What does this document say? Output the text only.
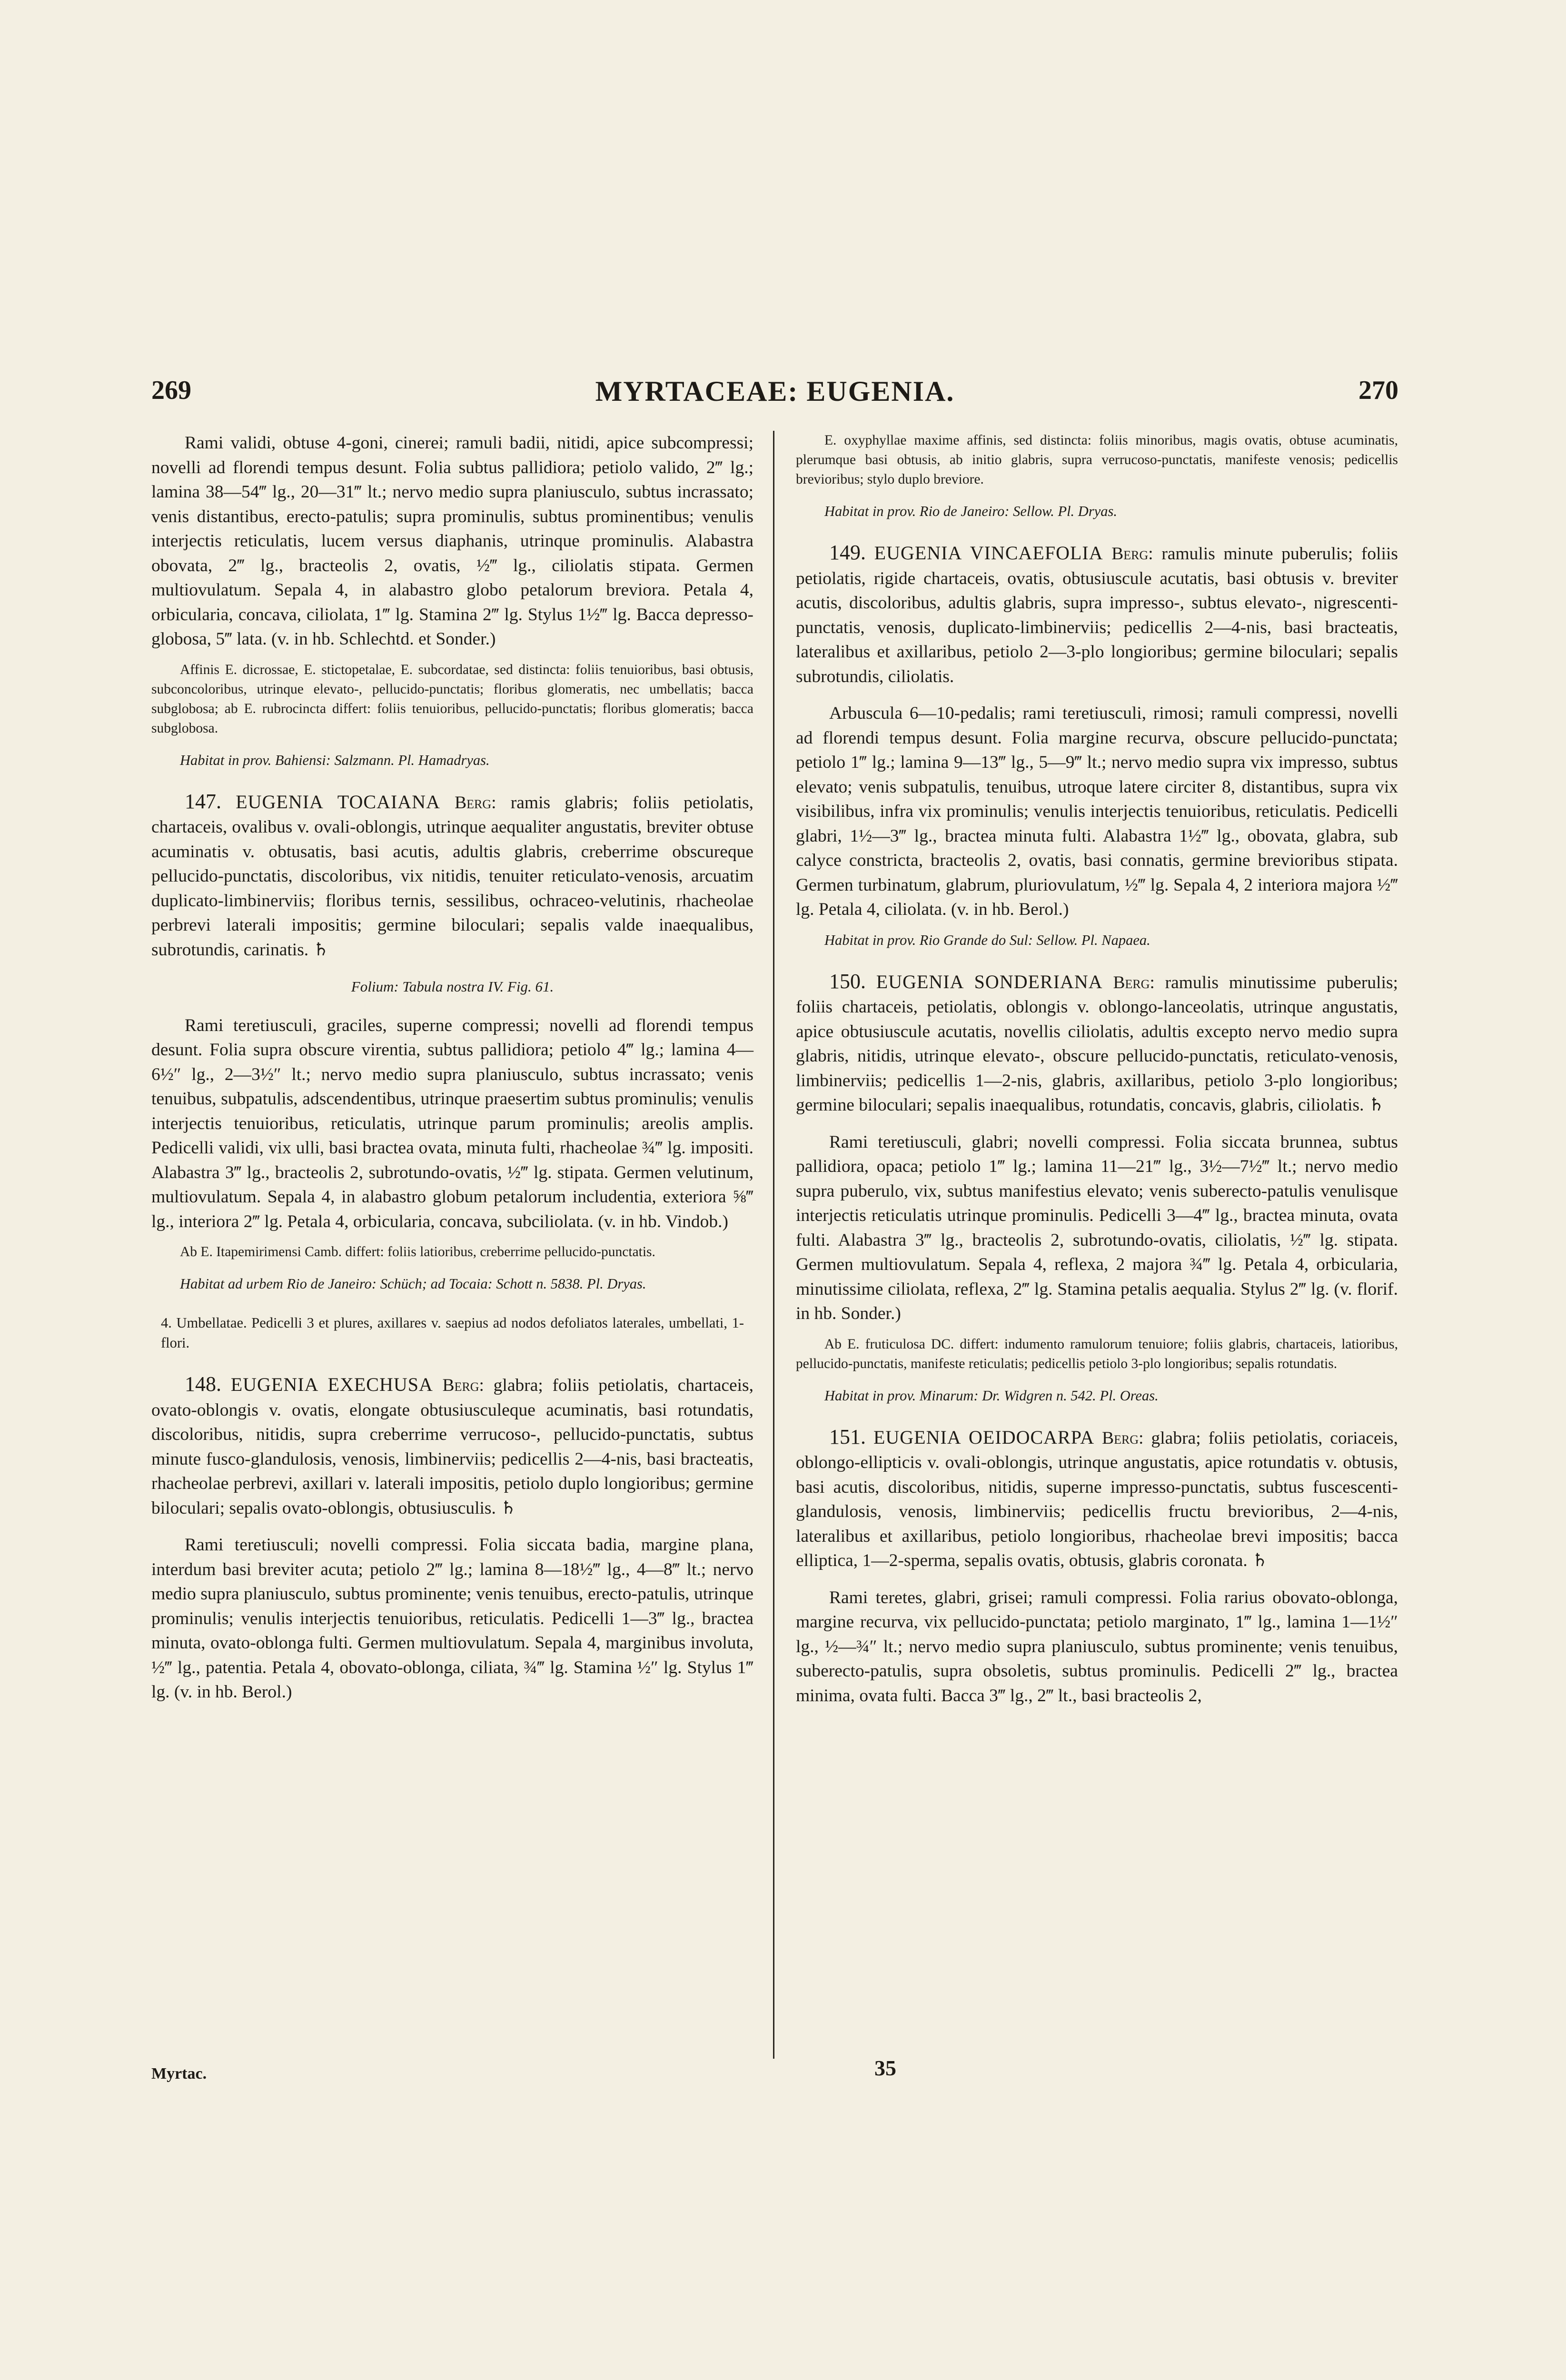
269	MYRTACEAE: EUGENIA.	270

Rami validi, obtuse 4-goni, cinerei; ramuli badii, nitidi, apice subcompressi; novelli ad florendi tempus desunt. Folia subtus pallidiora; petiolo valido, 2‴ lg.; lamina 38—54‴ lg., 20—31‴ lt.; nervo medio supra planiusculo, subtus incrassato; venis distantibus, erecto-patulis; supra prominulis, subtus prominentibus; venulis interjectis reticulatis, lucem versus diaphanis, utrinque prominulis. Alabastra obovata, 2‴ lg., bracteolis 2, ovatis, ½‴ lg., ciliolatis stipata. Germen multiovulatum. Sepala 4, in alabastro globo petalorum breviora. Petala 4, orbicularia, concava, ciliolata, 1‴ lg. Stamina 2‴ lg. Stylus 1½‴ lg. Bacca depresso-globosa, 5‴ lata. (v. in hb. Schlechtd. et Sonder.)

Affinis E. dicrossae, E. stictopetalae, E. subcordatae, sed distincta: foliis tenuioribus, basi obtusis, subconcoloribus, utrinque elevato-, pellucido-punctatis; floribus glomeratis, nec umbellatis; bacca subglobosa; ab E. rubrocincta differt: foliis tenuioribus, pellucido-punctatis; floribus glomeratis; bacca subglobosa.

Habitat in prov. Bahiensi: Salzmann. Pl. Hamadryas.

147. EUGENIA TOCAIANA Berg: ramis glabris; foliis petiolatis, chartaceis, ovalibus v. ovali-oblongis, utrinque aequaliter angustatis, breviter obtuse acuminatis v. obtusatis, basi acutis, adultis glabris, creberrime obscureque pellucido-punctatis, discoloribus, vix nitidis, tenuiter reticulato-venosis, arcuatim duplicato-limbinerviis; floribus ternis, sessilibus, ochraceo-velutinis, rhacheolae perbrevi laterali impositis; germine biloculari; sepalis valde inaequalibus, subrotundis, carinatis. ♄

Folium: Tabula nostra IV. Fig. 61.

Rami teretiusculi, graciles, superne compressi; novelli ad florendi tempus desunt. Folia supra obscure virentia, subtus pallidiora; petiolo 4‴ lg.; lamina 4—6½″ lg., 2—3½″ lt.; nervo medio supra planiusculo, subtus incrassato; venis tenuibus, subpatulis, adscendentibus, utrinque praesertim subtus prominulis; venulis interjectis tenuioribus, reticulatis, utrinque parum prominulis; areolis amplis. Pedicelli validi, vix ulli, basi bractea ovata, minuta fulti, rhacheolae ¾‴ lg. impositi. Alabastra 3‴ lg., bracteolis 2, subrotundo-ovatis, ½‴ lg. stipata. Germen velutinum, multiovulatum. Sepala 4, in alabastro globum petalorum includentia, exteriora ⅝‴ lg., interiora 2‴ lg. Petala 4, orbicularia, concava, subciliolata. (v. in hb. Vindob.)

Ab E. Itapemirimensi Camb. differt: foliis latioribus, creberrime pellucido-punctatis.

Habitat ad urbem Rio de Janeiro: Schüch; ad Tocaia: Schott n. 5838. Pl. Dryas.

4. Umbellatae. Pedicelli 3 et plures, axillares v. saepius ad nodos defoliatos laterales, umbellati, 1-flori.

148. EUGENIA EXECHUSA Berg: glabra; foliis petiolatis, chartaceis, ovato-oblongis v. ovatis, elongate obtusiusculeque acuminatis, basi rotundatis, discoloribus, nitidis, supra creberrime verrucoso-, pellucido-punctatis, subtus minute fusco-glandulosis, venosis, limbinerviis; pedicellis 2—4-nis, basi bracteatis, rhacheolae perbrevi, axillari v. laterali impositis, petiolo duplo longioribus; germine biloculari; sepalis ovato-oblongis, obtusiusculis. ♄

Rami teretiusculi; novelli compressi. Folia siccata badia, margine plana, interdum basi breviter acuta; petiolo 2‴ lg.; lamina 8—18½‴ lg., 4—8‴ lt.; nervo medio supra planiusculo, subtus prominente; venis tenuibus, erecto-patulis, utrinque prominulis; venulis interjectis tenuioribus, reticulatis. Pedicelli 1—3‴ lg., bractea minuta, ovato-oblonga fulti. Germen multiovulatum. Sepala 4, marginibus involuta, ½‴ lg., patentia. Petala 4, obovato-oblonga, ciliata, ¾‴ lg. Stamina ½″ lg. Stylus 1‴ lg. (v. in hb. Berol.)

E. oxyphyllae maxime affinis, sed distincta: foliis minoribus, magis ovatis, obtuse acuminatis, plerumque basi obtusis, ab initio glabris, supra verrucoso-punctatis, manifeste venosis; pedicellis brevioribus; stylo duplo breviore.

Habitat in prov. Rio de Janeiro: Sellow. Pl. Dryas.

149. EUGENIA VINCAEFOLIA Berg: ramulis minute puberulis; foliis petiolatis, rigide chartaceis, ovatis, obtusiuscule acutatis, basi obtusis v. breviter acutis, discoloribus, adultis glabris, supra impresso-, subtus elevato-, nigrescenti-punctatis, venosis, duplicato-limbinerviis; pedicellis 2—4-nis, basi bracteatis, lateralibus et axillaribus, petiolo 2—3-plo longioribus; germine biloculari; sepalis subrotundis, ciliolatis.

Arbuscula 6—10-pedalis; rami teretiusculi, rimosi; ramuli compressi, novelli ad florendi tempus desunt. Folia margine recurva, obscure pellucido-punctata; petiolo 1‴ lg.; lamina 9—13‴ lg., 5—9‴ lt.; nervo medio supra vix impresso, subtus elevato; venis subpatulis, tenuibus, utroque latere circiter 8, distantibus, supra vix visibilibus, infra vix prominulis; venulis interjectis tenuioribus, reticulatis. Pedicelli glabri, 1½—3‴ lg., bractea minuta fulti. Alabastra 1½‴ lg., obovata, glabra, sub calyce constricta, bracteolis 2, ovatis, basi connatis, germine brevioribus stipata. Germen turbinatum, glabrum, pluriovulatum, ½‴ lg. Sepala 4, 2 interiora majora ½‴ lg. Petala 4, ciliolata. (v. in hb. Berol.)

Habitat in prov. Rio Grande do Sul: Sellow. Pl. Napaea.

150. EUGENIA SONDERIANA Berg: ramulis minutissime puberulis; foliis chartaceis, petiolatis, oblongis v. oblongo-lanceolatis, utrinque angustatis, apice obtusiuscule acutatis, novellis ciliolatis, adultis excepto nervo medio supra glabris, nitidis, utrinque elevato-, obscure pellucido-punctatis, reticulato-venosis, limbinerviis; pedicellis 1—2-nis, glabris, axillaribus, petiolo 3-plo longioribus; germine biloculari; sepalis inaequalibus, rotundatis, concavis, glabris, ciliolatis. ♄

Rami teretiusculi, glabri; novelli compressi. Folia siccata brunnea, subtus pallidiora, opaca; petiolo 1‴ lg.; lamina 11—21‴ lg., 3½—7½‴ lt.; nervo medio supra puberulo, vix, subtus manifestius elevato; venis suberecto-patulis venulisque interjectis reticulatis utrinque prominulis. Pedicelli 3—4‴ lg., bractea minuta, ovata fulti. Alabastra 3‴ lg., bracteolis 2, subrotundo-ovatis, ciliolatis, ½‴ lg. stipata. Germen multiovulatum. Sepala 4, reflexa, 2 majora ¾‴ lg. Petala 4, orbicularia, minutissime ciliolata, reflexa, 2‴ lg. Stamina petalis aequalia. Stylus 2‴ lg. (v. florif. in hb. Sonder.)

Ab E. fruticulosa DC. differt: indumento ramulorum tenuiore; foliis glabris, chartaceis, latioribus, pellucido-punctatis, manifeste reticulatis; pedicellis petiolo 3-plo longioribus; sepalis rotundatis.

Habitat in prov. Minarum: Dr. Widgren n. 542. Pl. Oreas.

151. EUGENIA OEIDOCARPA Berg: glabra; foliis petiolatis, coriaceis, oblongo-ellipticis v. ovali-oblongis, utrinque angustatis, apice rotundatis v. obtusis, basi acutis, discoloribus, nitidis, superne impresso-punctatis, subtus fuscescenti-glandulosis, venosis, limbinerviis; pedicellis fructu brevioribus, 2—4-nis, lateralibus et axillaribus, petiolo longioribus, rhacheolae brevi impositis; bacca elliptica, 1—2-sperma, sepalis ovatis, obtusis, glabris coronata. ♄

Rami teretes, glabri, grisei; ramuli compressi. Folia rarius obovato-oblonga, margine recurva, vix pellucido-punctata; petiolo marginato, 1‴ lg., lamina 1—1½″ lg., ½—¾″ lt.; nervo medio supra planiusculo, subtus prominente; venis tenuibus, suberecto-patulis, supra obsoletis, subtus prominulis. Pedicelli 2‴ lg., bractea minima, ovata fulti. Bacca 3‴ lg., 2‴ lt., basi bracteolis 2,

Myrtac.	35
